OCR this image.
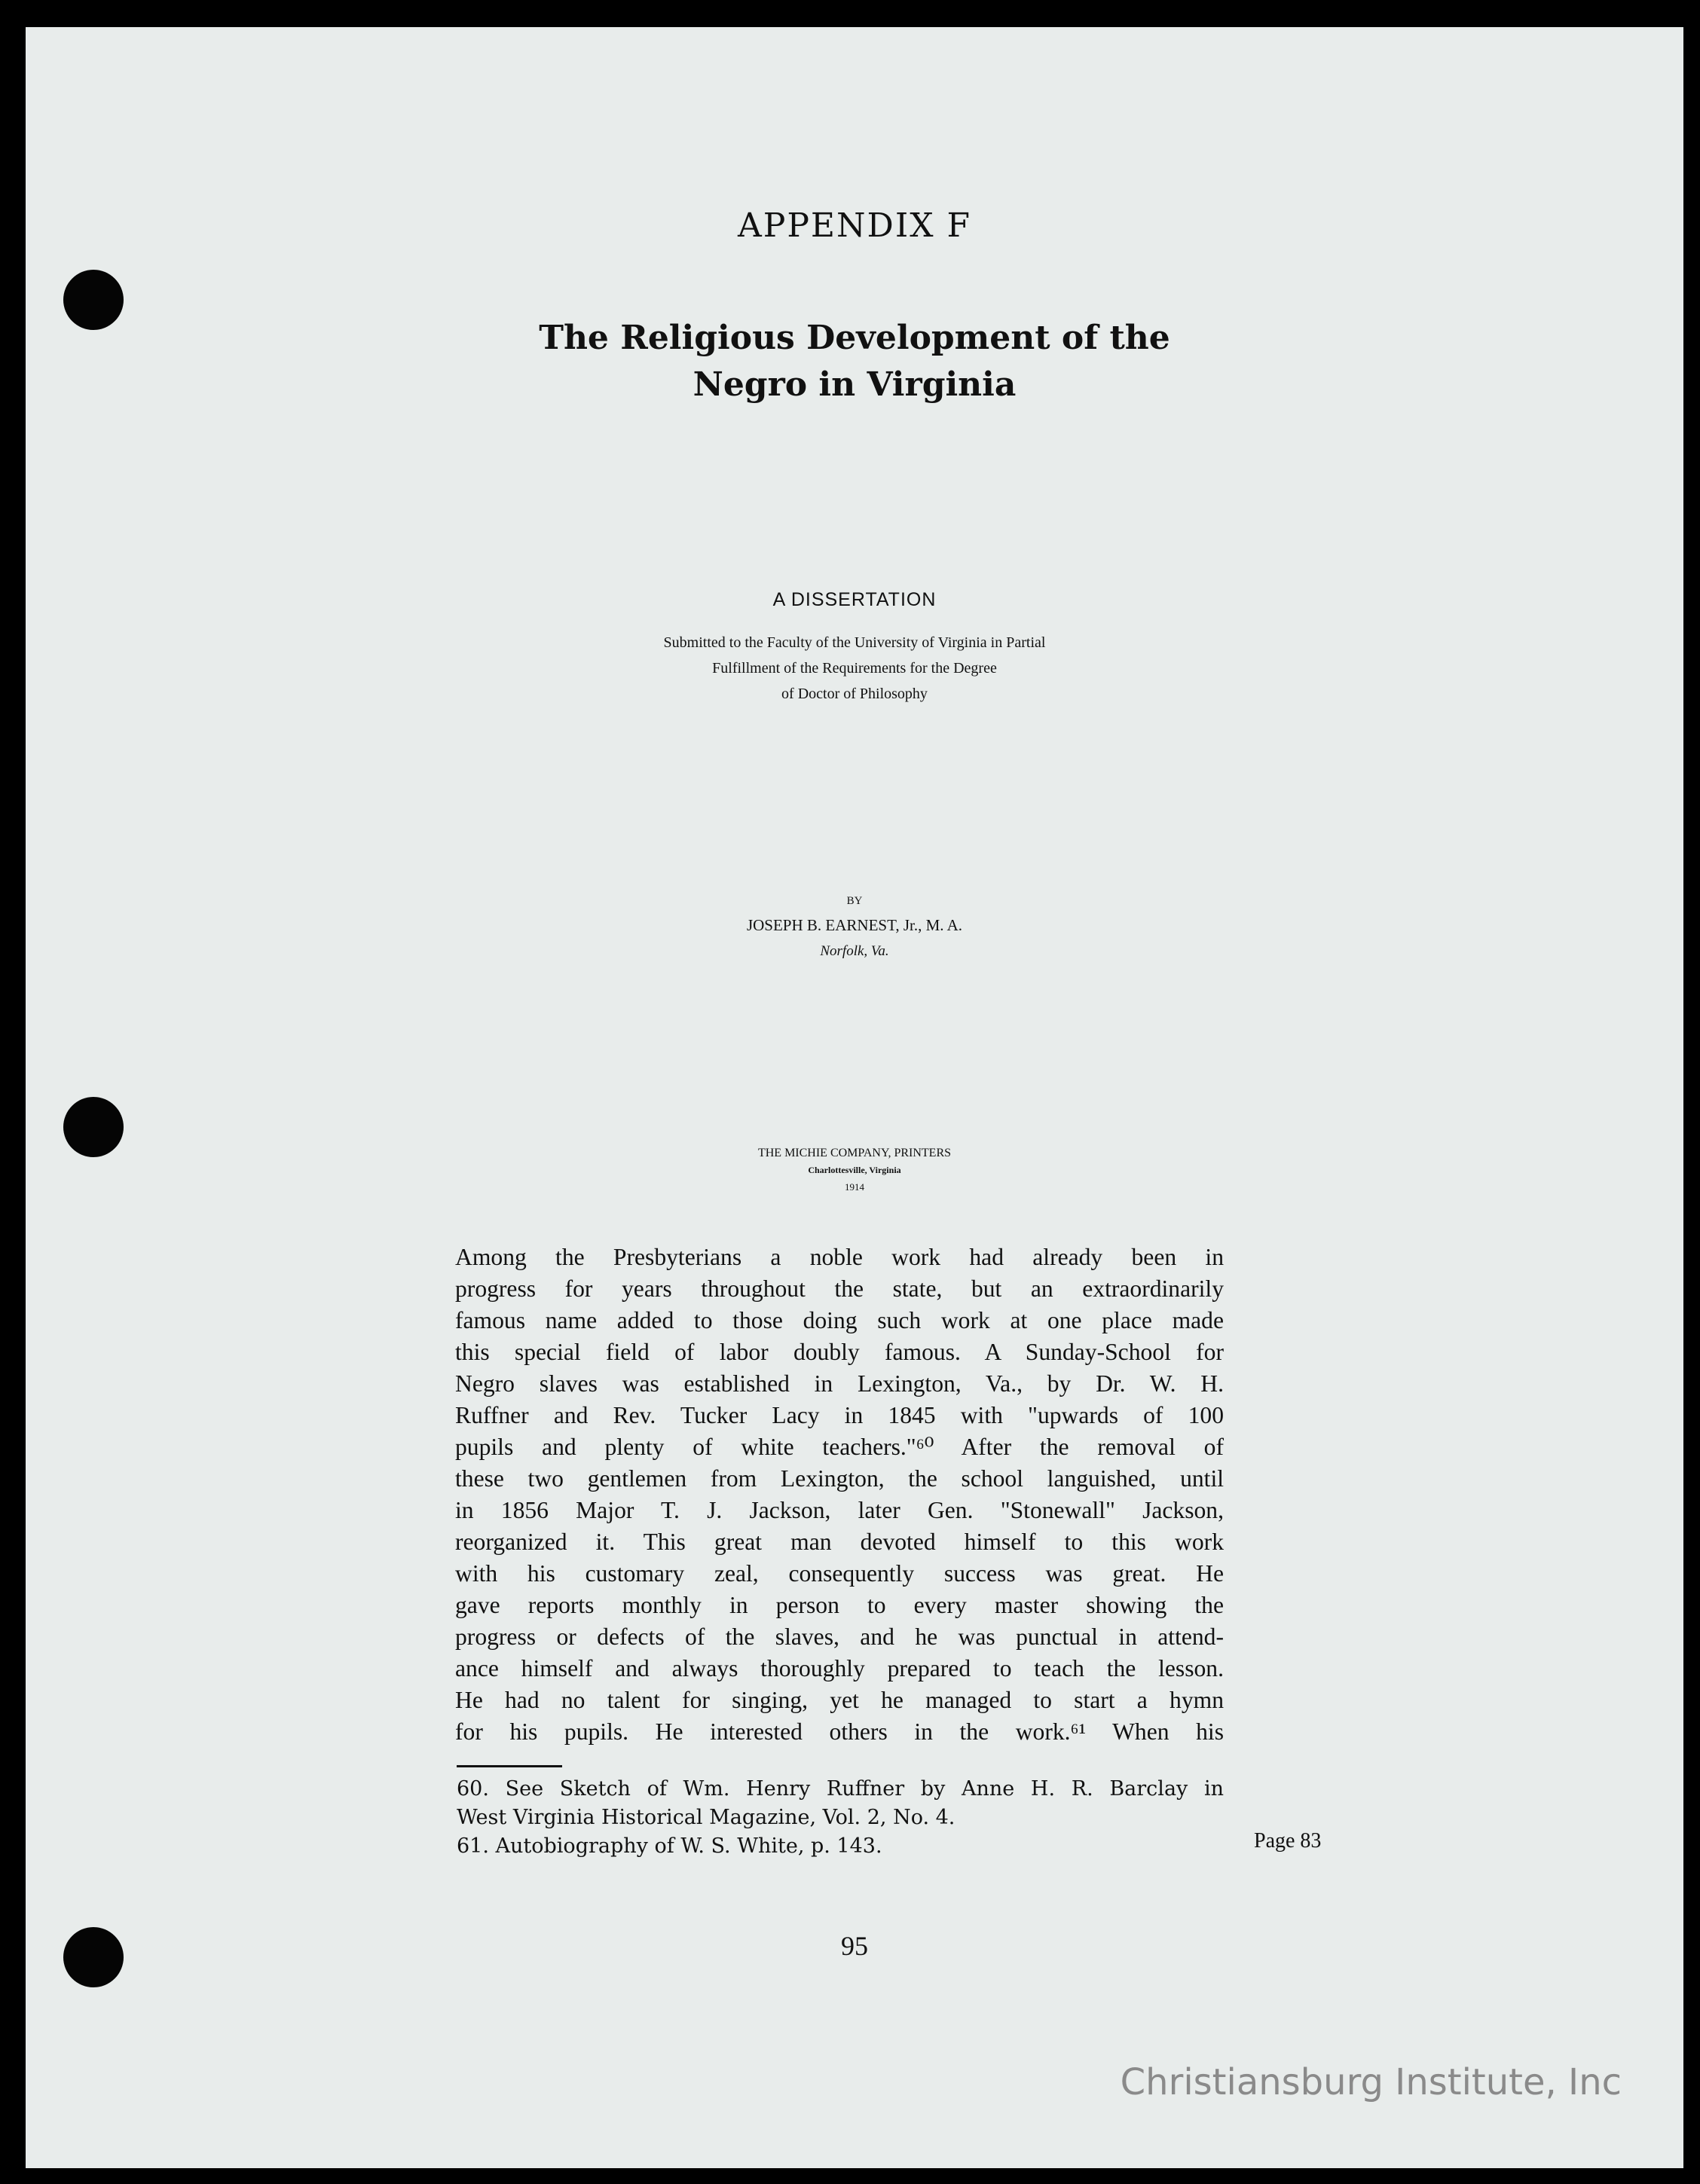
APPENDIX F
The Religious Development of the
Negro in Virginia
A DISSERTATION
Submitted to the Faculty of the University of Virginia in Partial
Fulfillment of the Requirements for the Degree
of Doctor of Philosophy
BY
JOSEPH B. EARNEST, Jr., M. A.
Norfolk, Va.
THE MICHIE COMPANY, PRINTERS
Charlottesville, Virginia
1914
Among the Presbyterians a noble work had already been in
progress for years throughout the state, but an extraordinarily
famous name added to those doing such work at one place made
this special field of labor doubly famous. A Sunday-School for
Negro slaves was established in Lexington, Va., by Dr. W. H.
Ruffner and Rev. Tucker Lacy in 1845 with "upwards of 100
pupils and plenty of white teachers."⁶⁰ After the removal of
these two gentlemen from Lexington, the school languished, until
in 1856 Major T. J. Jackson, later Gen. "Stonewall" Jackson,
reorganized it. This great man devoted himself to this work
with his customary zeal, consequently success was great. He
gave reports monthly in person to every master showing the
progress or defects of the slaves, and he was punctual in attend-
ance himself and always thoroughly prepared to teach the lesson.
He had no talent for singing, yet he managed to start a hymn
for his pupils. He interested others in the work.⁶¹ When his
60. See Sketch of Wm. Henry Ruffner by Anne H. R. Barclay in
West Virginia Historical Magazine, Vol. 2, No. 4.
61. Autobiography of W. S. White, p. 143.	Page 83
95
Christiansburg Institute, Inc
